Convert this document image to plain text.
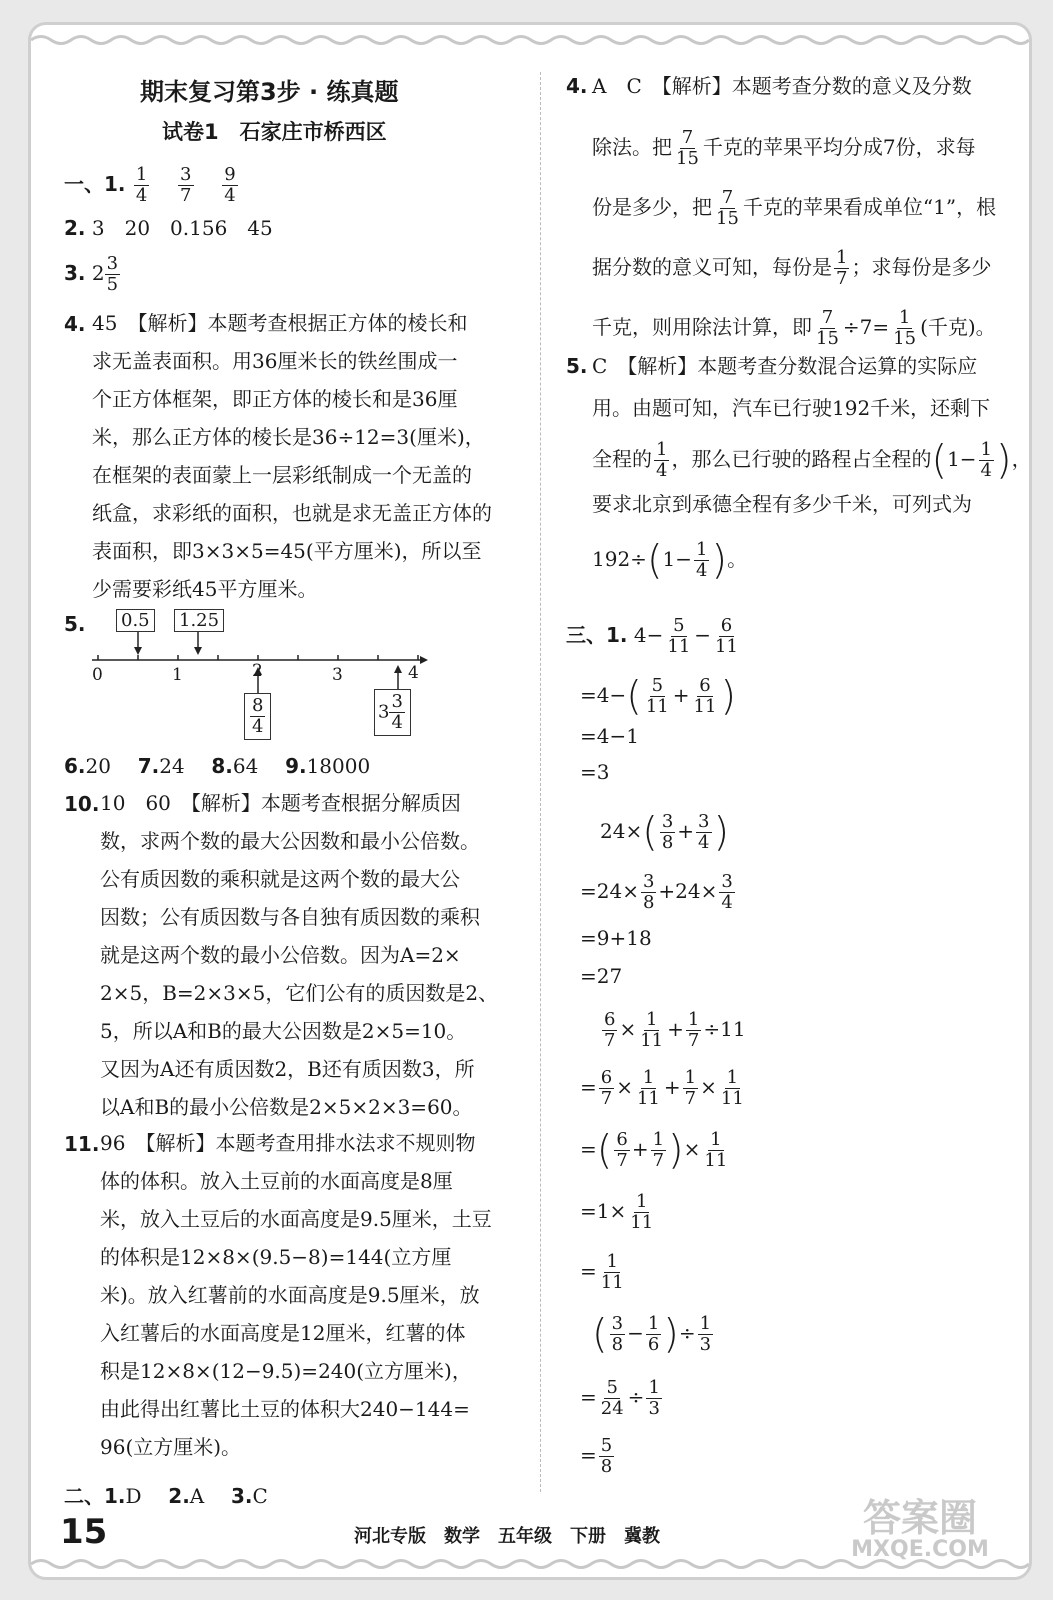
期末复习第3步 · 练真题
试卷1　石家庄市桥西区
一、1. $\frac{1}{4}$
$\frac{3}{7}$
$\frac{9}{4}$
2. 3　20　0.156　45
3. $2 \frac{3}{5}$
4. 45　【解析】本题考查根据正方体的棱长和
求无盖表面积。用36厘米长的铁丝围成一
个正方体框架，即正方体的棱长和是36厘
米，那么正方体的棱长是36÷12=3(厘米)，
在框架的表面蒙上一层彩纸制成一个无盖的
纸盒，求彩纸的面积，也就是求无盖正方体的
表面积，即3×3×5=45(平方厘米)，所以至
少需要彩纸45平方厘米。
5. 0.5 1.25
0	1	2	3	4
$\frac{8}{4}$	$3 \frac{3}{4}$
6.20 7.24 8.64 9.18000
10. 10　60　【解析】本题考查根据分解质因
数，求两个数的最大公因数和最小公倍数。
公有质因数的乘积就是这两个数的最大公
因数；公有质因数与各自独有质因数的乘积
就是这两个数的最小公倍数。因为A=2×
2×5，B=2×3×5，它们公有的质因数是2、
5，所以A和B的最大公因数是2×5=10。
又因为A还有质因数2，B还有质因数3，所
以A和B的最小公倍数是2×5×2×3=60。
11. 96　【解析】本题考查用排水法求不规则物
体的体积。放入土豆前的水面高度是8厘
米，放入土豆后的水面高度是9.5厘米，土豆
的体积是12×8×(9.5−8)=144(立方厘
米)。放入红薯前的水面高度是9.5厘米，放
入红薯后的水面高度是12厘米，红薯的体
积是12×8×(12−9.5)=240(立方厘米)，
由此得出红薯比土豆的体积大240−144=
96(立方厘米)。
二、1.D 2.A 3.C
4. A　C　【解析】本题考查分数的意义及分数
除法。把 $\frac{7}{15}$ 千克的苹果平均分成7份，求每
份是多少，把 $\frac{7}{15}$ 千克的苹果看成单位“1”，根
据分数的意义可知，每份是 $\frac{1}{7}$ ；求每份是多少
千克，则用除法计算，即 $\frac{7}{15} \div 7= \frac{1}{15}$ (千克)。
5. C　【解析】本题考查分数混合运算的实际应
用。由题可知，汽车已行驶192千米，还剩下
全程的 $\frac{1}{4}$ ，那么已行驶的路程占全程的($1- \frac{1}{4}$ )，
要求北京到承德全程有多少千米，可列式为
$192\div(1- \frac{1}{4}$ )。
三、1. $4- \frac{5}{11} - \frac{6}{11}$
$=4-( \frac{5}{11} + \frac{6}{11}$ )
=4−1
=3
$24\times( \frac{3}{8} + \frac{3}{4}$ )
$=24\times \frac{3}{8} +24\times \frac{3}{4}$
=9+18
=27
$\frac{6}{7} \times \frac{1}{11} + \frac{1}{7} \div 11$
= $\frac{6}{7} \times \frac{1}{11} + \frac{1}{7} \times \frac{1}{11}$
=( $\frac{6}{7} + \frac{1}{7}$ )× $\frac{1}{11}$
$=1\times \frac{1}{11}$
= $\frac{1}{11}$
( $\frac{3}{8} - \frac{1}{6}$ )÷ $\frac{1}{3}$
= $\frac{5}{24} \div \frac{1}{3}$
= $\frac{5}{8}$
15	河北专版　数学　五年级　下册　冀教	答案圈
MXQE.COM
